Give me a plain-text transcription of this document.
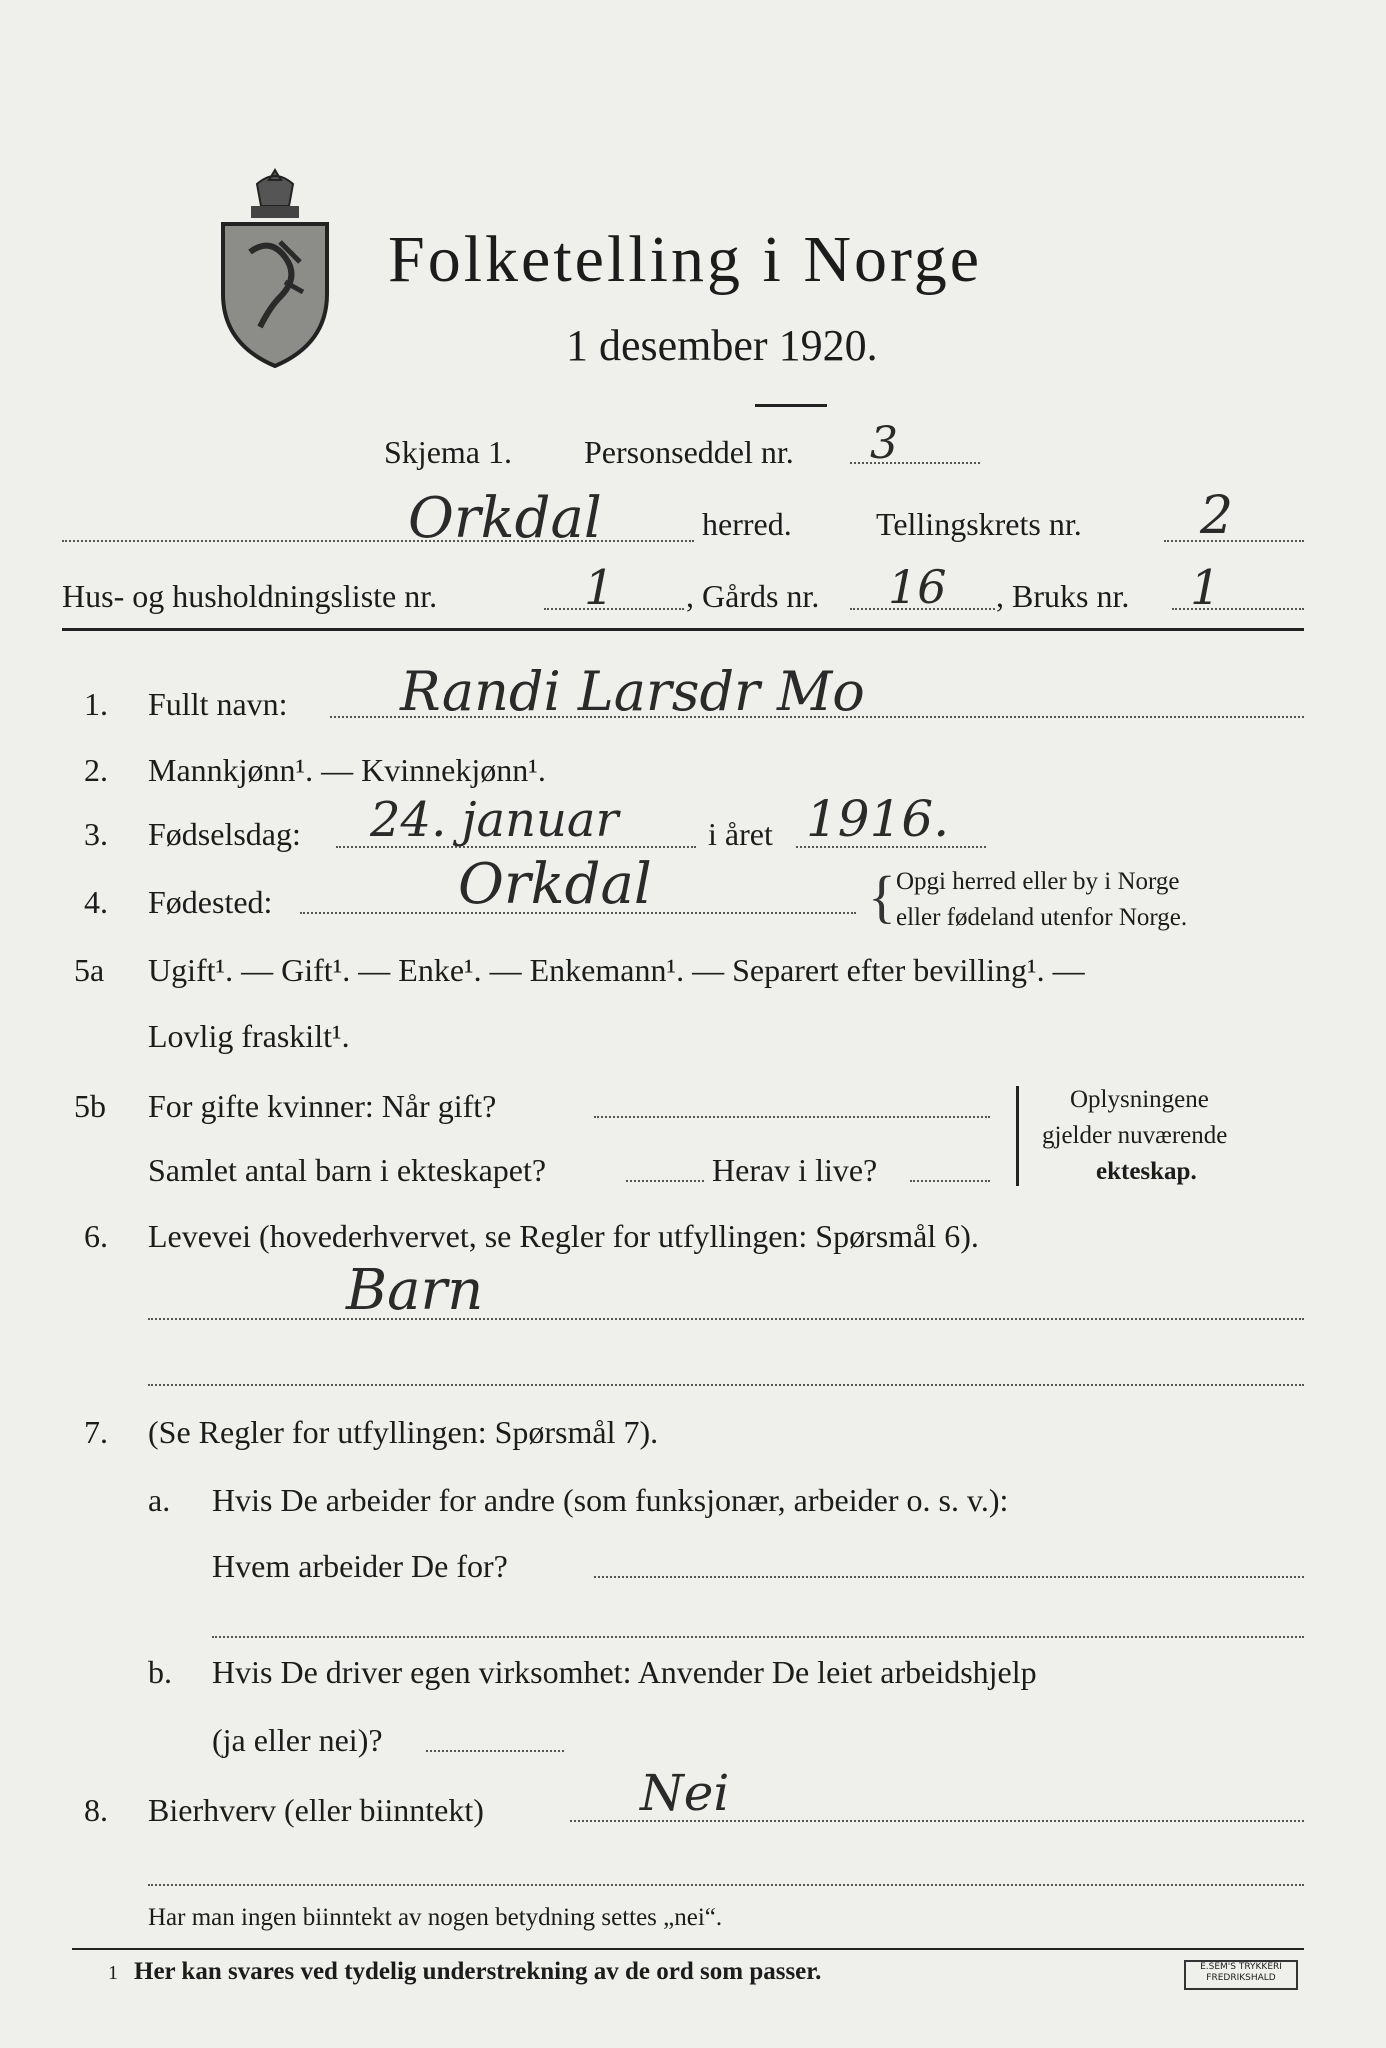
Folketelling i Norge
1 desember 1920.
Skjema 1. Personseddel nr. 3
Orkdal	herred.	Tellingskrets nr. 2
Hus- og husholdningsliste nr.	1 , Gårds nr. 16 , Bruks nr. 1
1. Fullt navn: Randi Larsdr Mo
2. Mannkjønn¹. — Kvinnekjønn¹.
3. Fødselsdag: 24. januar	i året 1916.
4. Fødested:	Orkdal	{ Opgi herred eller by i Norge
eller fødeland utenfor Norge.
5a Ugift¹. — Gift¹. — Enke¹. — Enkemann¹. — Separert efter bevilling¹. —
Lovlig fraskilt¹.
5b For gifte kvinner: Når gift?
Samlet antal barn i ekteskapet?	Herav i live?
Oplysningene
gjelder nuværende
ekteskap.
6. Levevei (hovederhvervet, se Regler for utfyllingen: Spørsmål 6).
Barn
7. (Se Regler for utfyllingen: Spørsmål 7).
a. Hvis De arbeider for andre (som funksjonær, arbeider o. s. v.):
Hvem arbeider De for?
b. Hvis De driver egen virksomhet: Anvender De leiet arbeidshjelp
(ja eller nei)?
8. Bierhverv (eller biinntekt)	Nei
Har man ingen biinntekt av nogen betydning settes „nei“.
1 Her kan svares ved tydelig understrekning av de ord som passer.	E.SEM'S TRYKKERI FREDRIKSHALD
